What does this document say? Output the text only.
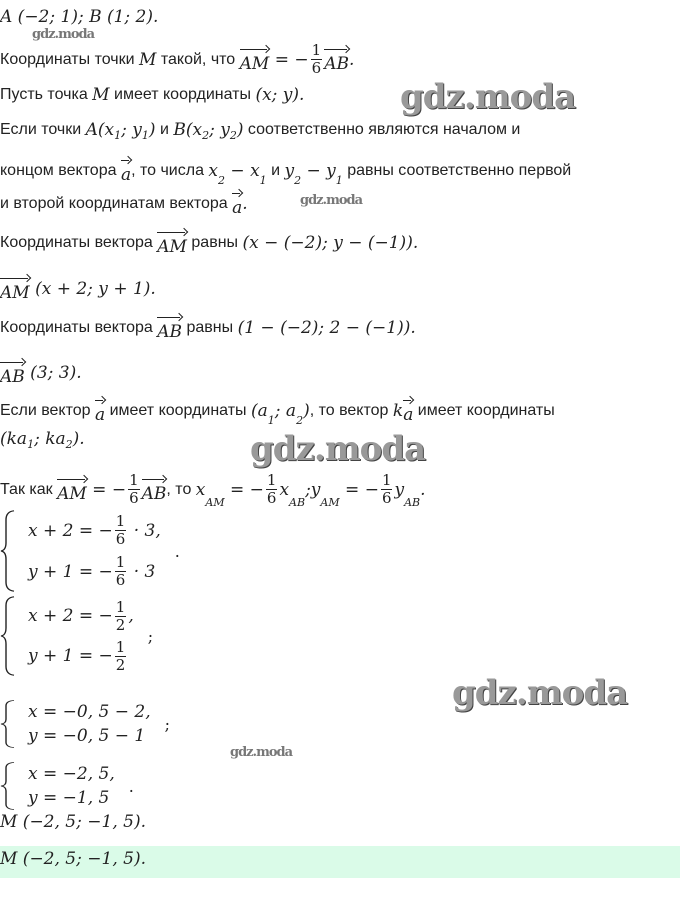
A (−2; 1); B (1; 2).
Координаты точки M такой, что AM = − $\frac{1}{6}$ AB .
Пусть точка M имеет координаты (x; y).
Если точки A(x 1 ; y 1 ) и B(x 2 ; y 2 ) соответственно являются началом и
концом вектора a , то числа x 2 − x 1
и y 2 − y 1
равны соответственно первой
и второй координатам вектора a .
Координаты вектора AM равны (x − (−2); y − (−1)).
AM (x + 2; y + 1).
Координаты вектора AB равны (1 − (−2); 2 − (−1)).
AB (3; 3).
Если вектор a имеет координаты (a 1 ; a 2 ) , то вектор k a имеет координаты
(ka 1 ; ka 2 ).
Так как AM = − $\frac{1}{6}$ AB , то x
AM
= − $\frac{1}{6}$ x
AB
;y
AM
= − $\frac{1}{6}$ y
AB
.
M (−2, 5; −1, 5).
M (−2, 5; −1, 5).
x + 2 = − $\frac{1}{6} \cdot 3$,
y + 1 = − $\frac{1}{6} \cdot 3$
.
x + 2 = − $\frac{1}{2}$ ,
y + 1 = − $\frac{1}{2}$
;
x = −0, 5 − 2,
y = −0, 5 − 1
;
x = −2, 5,
y = −1, 5
.
gdz.moda
gdz.moda
gdz.moda
gdz.moda
gdz.moda
gdz.moda
